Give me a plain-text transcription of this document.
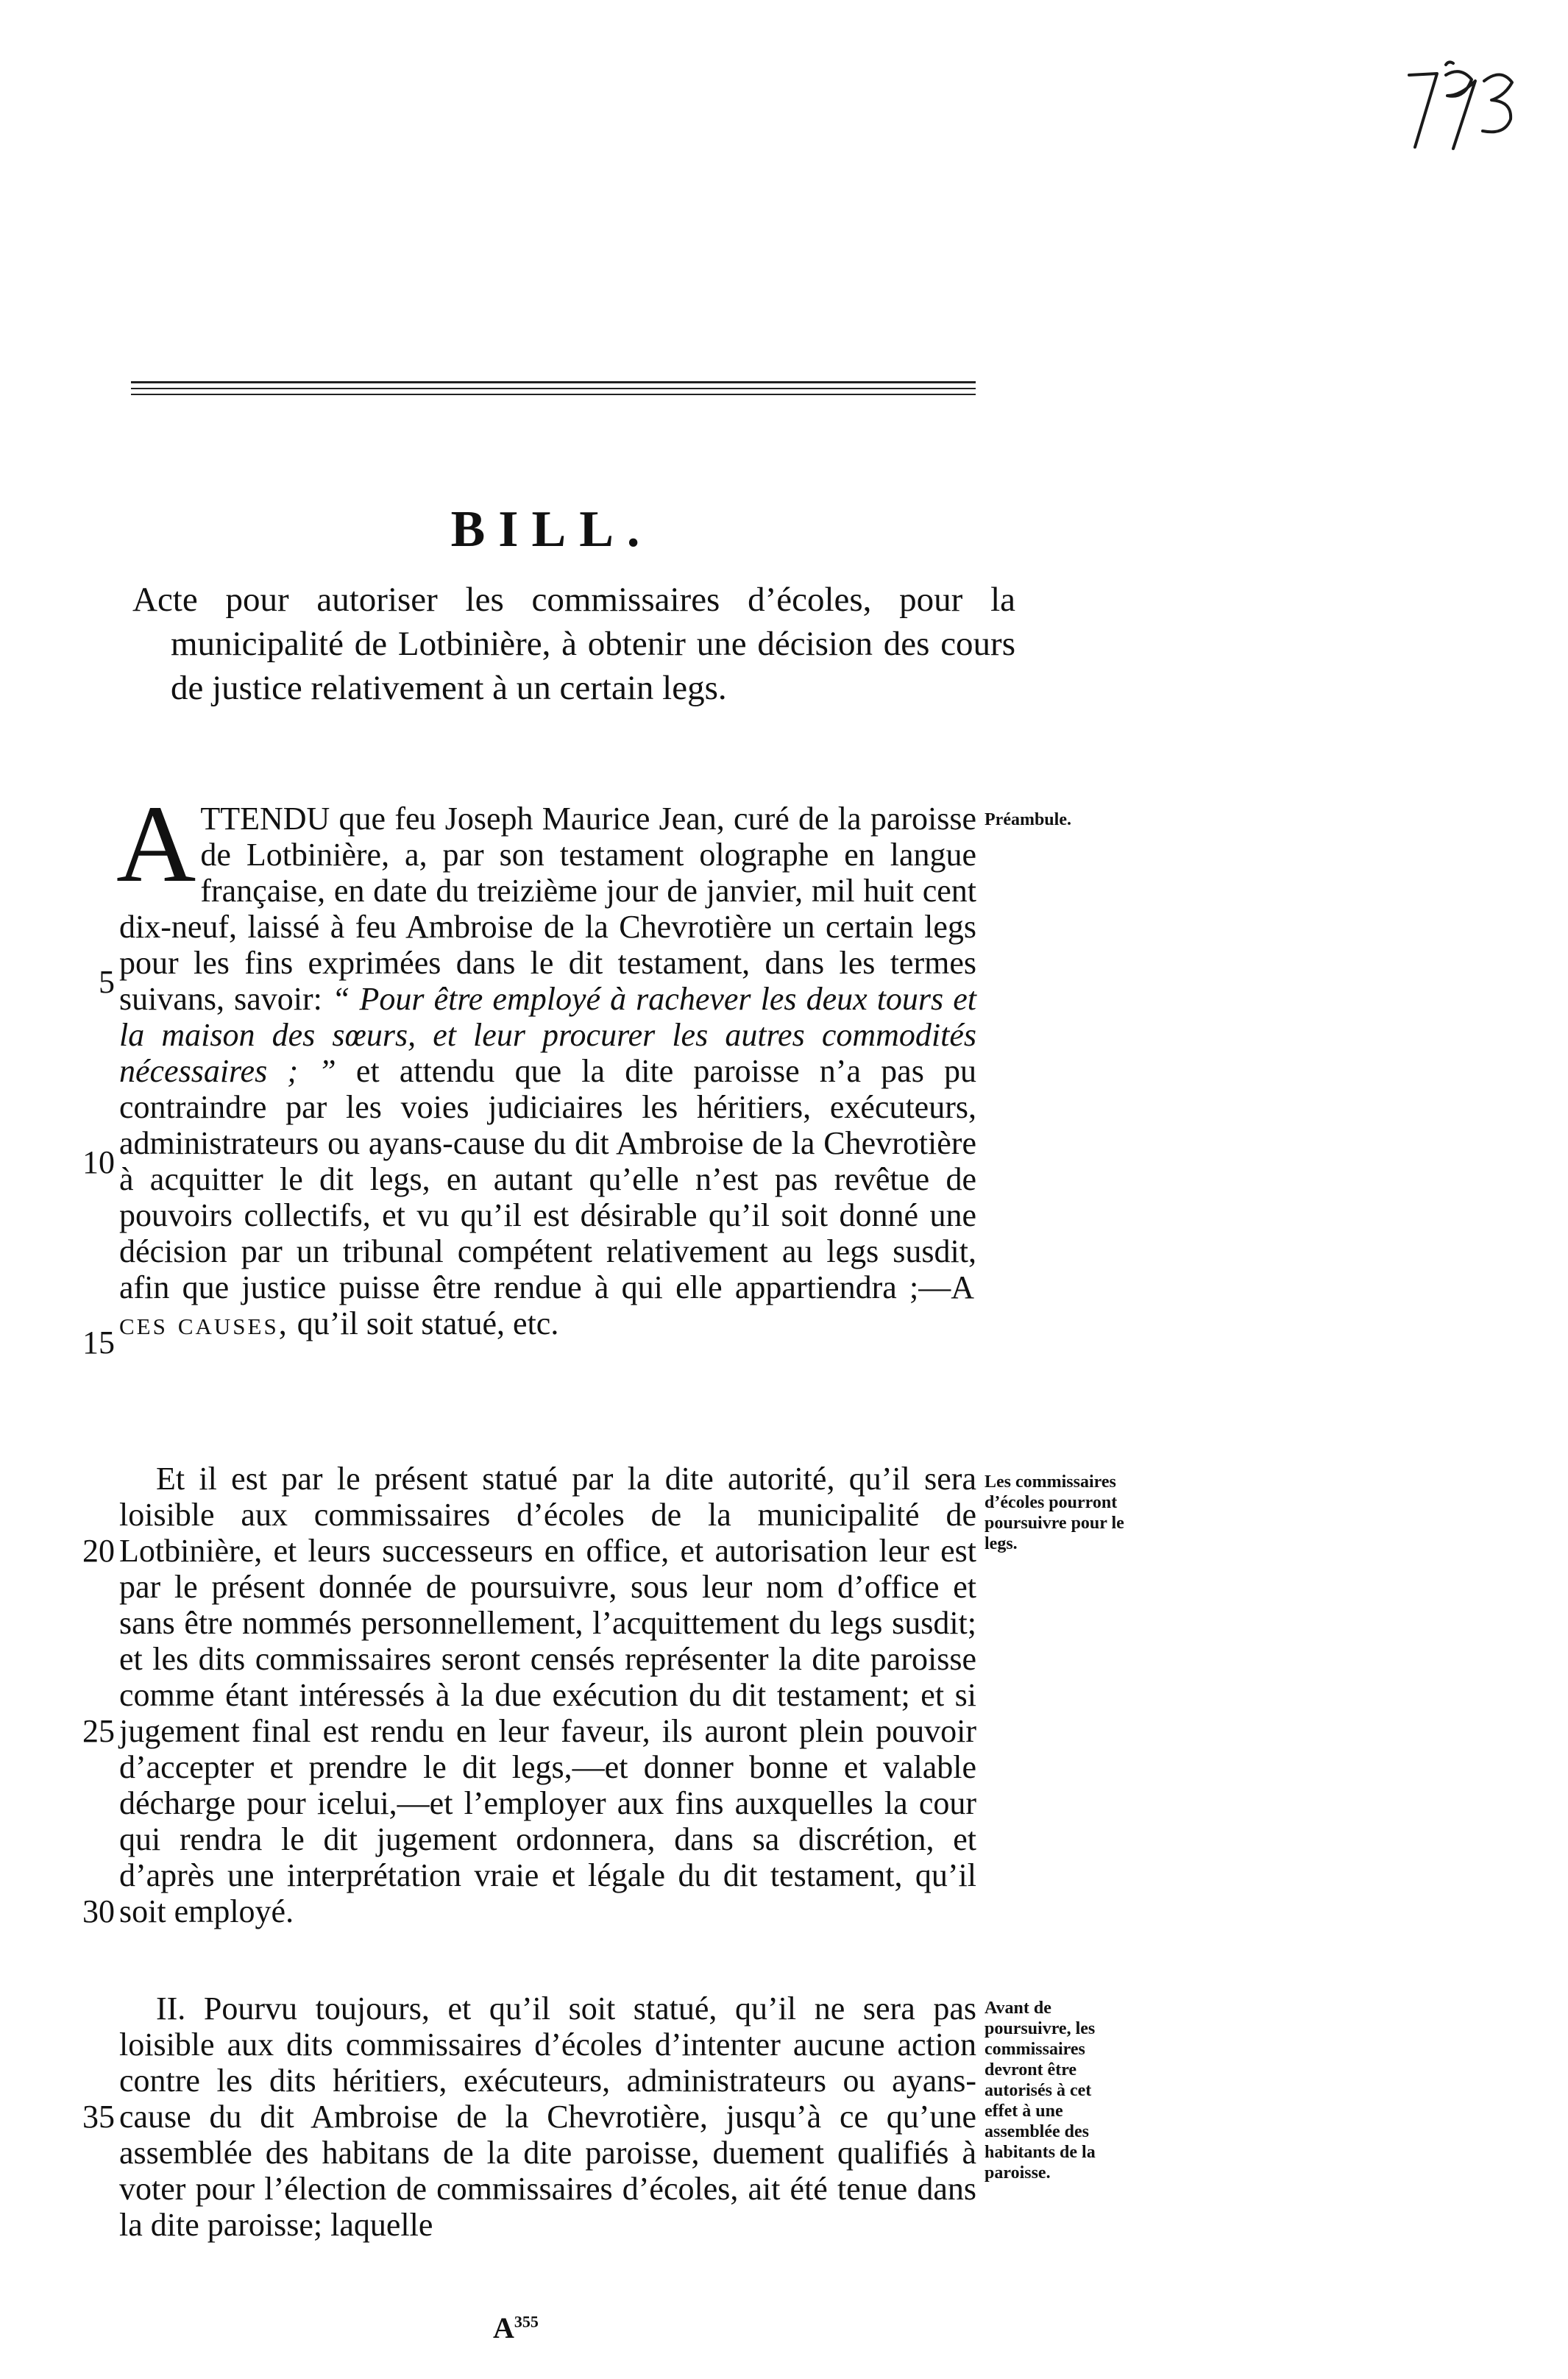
BILL.

Acte pour autoriser les commissaires d’écoles, pour la municipalité de Lotbinière, à obtenir une décision des cours de justice relativement à un certain legs.

ATTENDU que feu Joseph Maurice Jean, curé de la paroisse de Lotbinière, a, par son testament olographe en langue française, en date du treizième jour de janvier, mil huit cent dix-neuf, laissé à feu Ambroise de la Chevrotière un certain legs pour les fins exprimées dans le dit testament, dans les termes suivans, savoir: “ Pour être employé à rachever les deux tours et la maison des sœurs, et leur procurer les autres commodités nécessaires ; ” et attendu que la dite paroisse n’a pas pu contraindre par les voies judiciaires les héritiers, exécuteurs, administrateurs ou ayans-cause du dit Ambroise de la Chevrotière à acquitter le dit legs, en autant qu’elle n’est pas revêtue de pouvoirs collectifs, et vu qu’il est désirable qu’il soit donné une décision par un tribunal compétent relativement au legs susdit, afin que justice puisse être rendue à qui elle appartiendra ;—A ces causes, qu’il soit statué, etc.

Et il est par le présent statué par la dite autorité, qu’il sera loisible aux commissaires d’écoles de la municipalité de Lotbinière, et leurs successeurs en office, et autorisation leur est par le présent donnée de poursuivre, sous leur nom d’office et sans être nommés personnellement, l’acquittement du legs susdit; et les dits commissaires seront censés représenter la dite paroisse comme étant intéressés à la due exécution du dit testament; et si jugement final est rendu en leur faveur, ils auront plein pouvoir d’accepter et prendre le dit legs,—et donner bonne et valable décharge pour icelui,—et l’employer aux fins auxquelles la cour qui rendra le dit jugement ordonnera, dans sa discrétion, et d’après une interprétation vraie et légale du dit testament, qu’il soit employé.

II. Pourvu toujours, et qu’il soit statué, qu’il ne sera pas loisible aux dits commissaires d’écoles d’intenter aucune action contre les dits héritiers, exécuteurs, administrateurs ou ayans-cause du dit Ambroise de la Chevrotière, jusqu’à ce qu’une assemblée des habitans de la dite paroisse, duement qualifiés à voter pour l’élection de commissaires d’écoles, ait été tenue dans la dite paroisse; laquelle

5
10
15
20
25
30
35

Préambule.

Les commissaires d’écoles pourront poursuivre pour le legs.

Avant de poursuivre, les commissaires devront être autorisés à cet effet à une assemblée des habitants de la paroisse.

$A^{355}$
